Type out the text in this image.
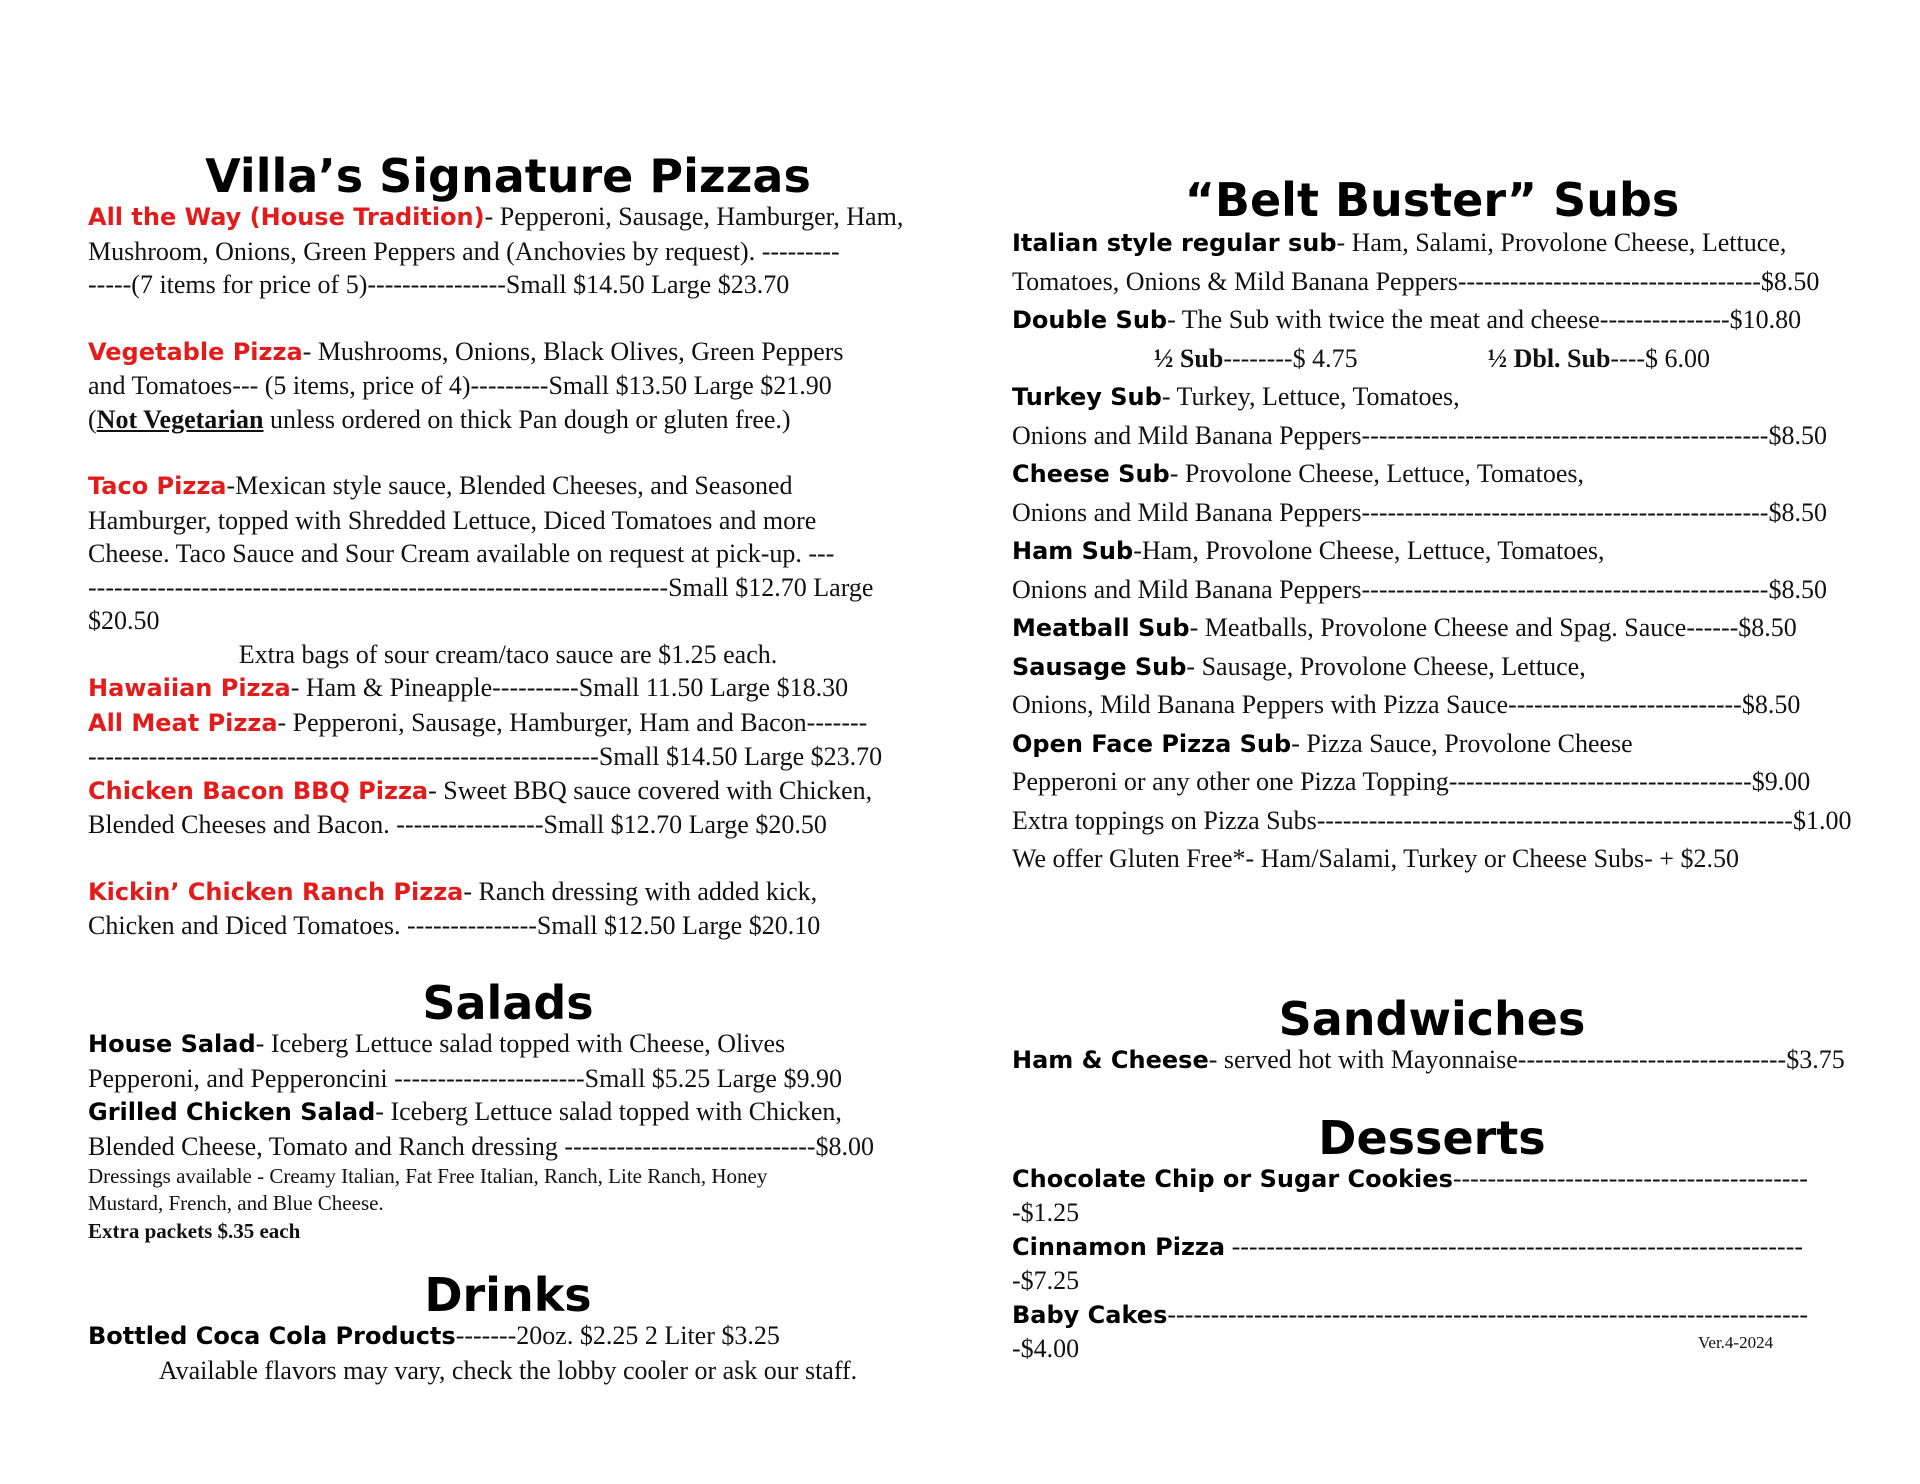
Villa’s Signature Pizzas
All the Way (House Tradition)- Pepperoni, Sausage, Hamburger, Ham,
Mushroom, Onions, Green Peppers and (Anchovies by request). ---------
-----(7 items for price of 5)----------------Small $14.50 Large $23.70
Vegetable Pizza- Mushrooms, Onions, Black Olives, Green Peppers
and Tomatoes--- (5 items, price of 4)---------Small $13.50 Large $21.90
(Not Vegetarian unless ordered on thick Pan dough or gluten free.)
Taco Pizza-Mexican style sauce, Blended Cheeses, and Seasoned
Hamburger, topped with Shredded Lettuce, Diced Tomatoes and more
Cheese. Taco Sauce and Sour Cream available on request at pick-up. ---
-------------------------------------------------------------------Small $12.70 Large $20.50
Extra bags of sour cream/taco sauce are $1.25 each.
Hawaiian Pizza- Ham & Pineapple----------Small 11.50 Large $18.30
All Meat Pizza- Pepperoni, Sausage, Hamburger, Ham and Bacon-------
-----------------------------------------------------------Small $14.50 Large $23.70
Chicken Bacon BBQ Pizza- Sweet BBQ sauce covered with Chicken,
Blended Cheeses and Bacon. -----------------Small $12.70 Large $20.50
Kickin’ Chicken Ranch Pizza- Ranch dressing with added kick,
Chicken and Diced Tomatoes. ---------------Small $12.50 Large $20.10
Salads
House Salad- Iceberg Lettuce salad topped with Cheese, Olives
Pepperoni, and Pepperoncini ----------------------Small $5.25 Large $9.90
Grilled Chicken Salad- Iceberg Lettuce salad topped with Chicken,
Blended Cheese, Tomato and Ranch dressing -----------------------------$8.00
Dressings available - Creamy Italian, Fat Free Italian, Ranch, Lite Ranch, Honey
Mustard, French, and Blue Cheese.
Extra packets $.35 each
Drinks
Bottled Coca Cola Products-------20oz. $2.25 2 Liter $3.25
Available flavors may vary, check the lobby cooler or ask our staff.
“Belt Buster” Subs
Italian style regular sub- Ham, Salami, Provolone Cheese, Lettuce,
Tomatoes, Onions & Mild Banana Peppers-----------------------------------$8.50
Double Sub- The Sub with twice the meat and cheese---------------$10.80
½ Sub--------$ 4.75	½ Dbl. Sub----$ 6.00
Turkey Sub- Turkey, Lettuce, Tomatoes,
Onions and Mild Banana Peppers-----------------------------------------------$8.50
Cheese Sub- Provolone Cheese, Lettuce, Tomatoes,
Onions and Mild Banana Peppers-----------------------------------------------$8.50
Ham Sub-Ham, Provolone Cheese, Lettuce, Tomatoes,
Onions and Mild Banana Peppers-----------------------------------------------$8.50
Meatball Sub- Meatballs, Provolone Cheese and Spag. Sauce------$8.50
Sausage Sub- Sausage, Provolone Cheese, Lettuce,
Onions, Mild Banana Peppers with Pizza Sauce---------------------------$8.50
Open Face Pizza Sub- Pizza Sauce, Provolone Cheese
Pepperoni or any other one Pizza Topping-----------------------------------$9.00
Extra toppings on Pizza Subs-------------------------------------------------------$1.00
We offer Gluten Free*- Ham/Salami, Turkey or Cheese Subs- + $2.50
Sandwiches
Ham & Cheese- served hot with Mayonnaise-------------------------------$3.75
Desserts
Chocolate Chip or Sugar Cookies------------------------------------------$1.25
Cinnamon Pizza -------------------------------------------------------------------$7.25
Baby Cakes---------------------------------------------------------------------------$4.00	Ver.4-2024
